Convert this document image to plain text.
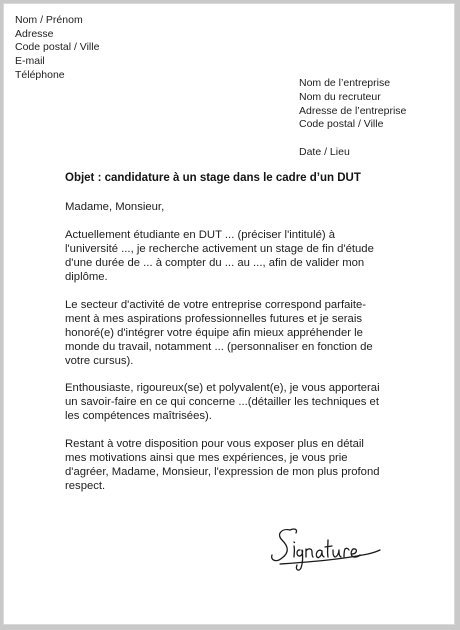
Nom / Prénom
Adresse
Code postal / Ville
E-mail
Téléphone
Nom de l’entreprise
Nom du recruteur
Adresse de l’entreprise
Code postal / Ville
Date / Lieu
Objet : candidature à un stage dans le cadre d’un DUT

Madame, Monsieur,

Actuellement étudiante en DUT ... (préciser l'intitulé) à
l'université ..., je recherche activement un stage de fin d'étude
d'une durée de ... à compter du ... au ..., afin de valider mon
diplôme.

Le secteur d'activité de votre entreprise correspond parfaite-
ment à mes aspirations professionnelles futures et je serais
honoré(e) d'intégrer votre équipe afin mieux appréhender le
monde du travail, notamment ... (personnaliser en fonction de
votre cursus).

Enthousiaste, rigoureux(se) et polyvalent(e), je vous apporterai
un savoir-faire en ce qui concerne ...(détailler les techniques et
les compétences maîtrisées).

Restant à votre disposition pour vous exposer plus en détail
mes motivations ainsi que mes expériences, je vous prie
d'agréer, Madame, Monsieur, l'expression de mon plus profond
respect.
